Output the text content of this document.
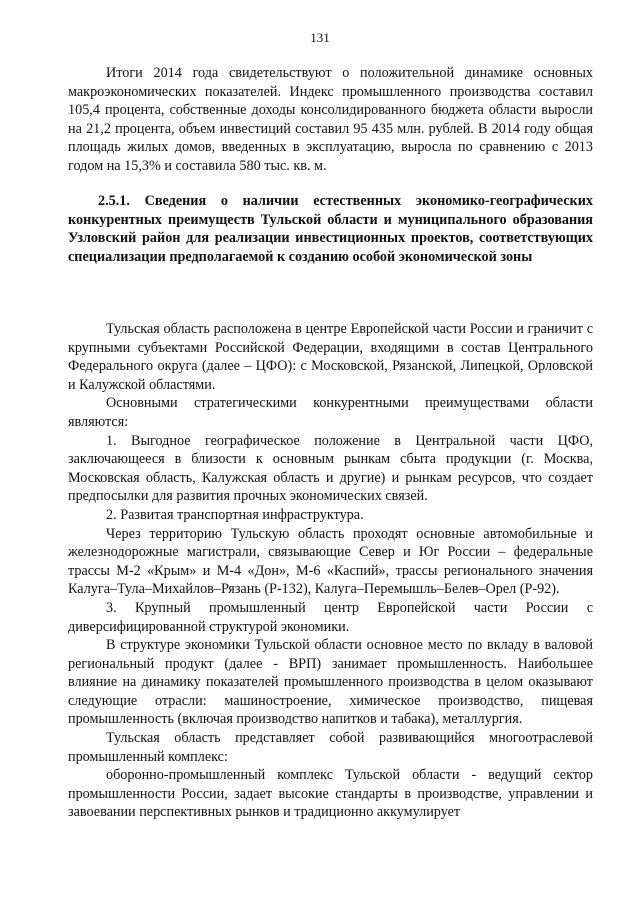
131

Итоги 2014 года свидетельствуют о положительной динамике основных макроэкономических показателей. Индекс промышленного производства составил 105,4 процента, собственные доходы консолидированного бюджета области выросли на 21,2 процента, объем инвестиций составил 95 435 млн. рублей. В 2014 году общая площадь жилых домов, введенных в эксплуатацию, выросла по сравнению с 2013 годом на 15,3% и составила 580 тыс. кв. м.

2.5.1. Сведения о наличии естественных экономико-географических конкурентных преимуществ Тульской области и муниципального образования Узловский район для реализации инвестиционных проектов, соответствующих специализации предполагаемой к созданию особой экономической зоны

Тульская область расположена в центре Европейской части России и граничит с крупными субъектами Российской Федерации, входящими в состав Центрального Федерального округа (далее – ЦФО): с Московской, Рязанской, Липецкой, Орловской и Калужской областями.

Основными стратегическими конкурентными преимуществами области являются:

1. Выгодное географическое положение в Центральной части ЦФО, заключающееся в близости к основным рынкам сбыта продукции (г. Москва, Московская область, Калужская область и другие) и рынкам ресурсов, что создает предпосылки для развития прочных экономических связей.

2. Развитая транспортная инфраструктура.

Через территорию Тульскую область проходят основные автомобильные и железнодорожные магистрали, связывающие Север и Юг России – федеральные трассы М-2 «Крым» и М-4 «Дон», М-6 «Каспий», трассы регионального значения Калуга–Тула–Михайлов–Рязань (Р-132), Калуга–Перемышль–Белев–Орел (Р-92).

3. Крупный промышленный центр Европейской части России с диверсифицированной структурой экономики.

В структуре экономики Тульской области основное место по вкладу в валовой региональный продукт (далее - ВРП) занимает промышленность. Наибольшее влияние на динамику показателей промышленного производства в целом оказывают следующие отрасли: машиностроение, химическое производство, пищевая промышленность (включая производство напитков и табака), металлургия.

Тульская область представляет собой развивающийся многоотраслевой промышленный комплекс:

оборонно-промышленный комплекс Тульской области - ведущий сектор промышленности России, задает высокие стандарты в производстве, управлении и завоевании перспективных рынков и традиционно аккумулирует
